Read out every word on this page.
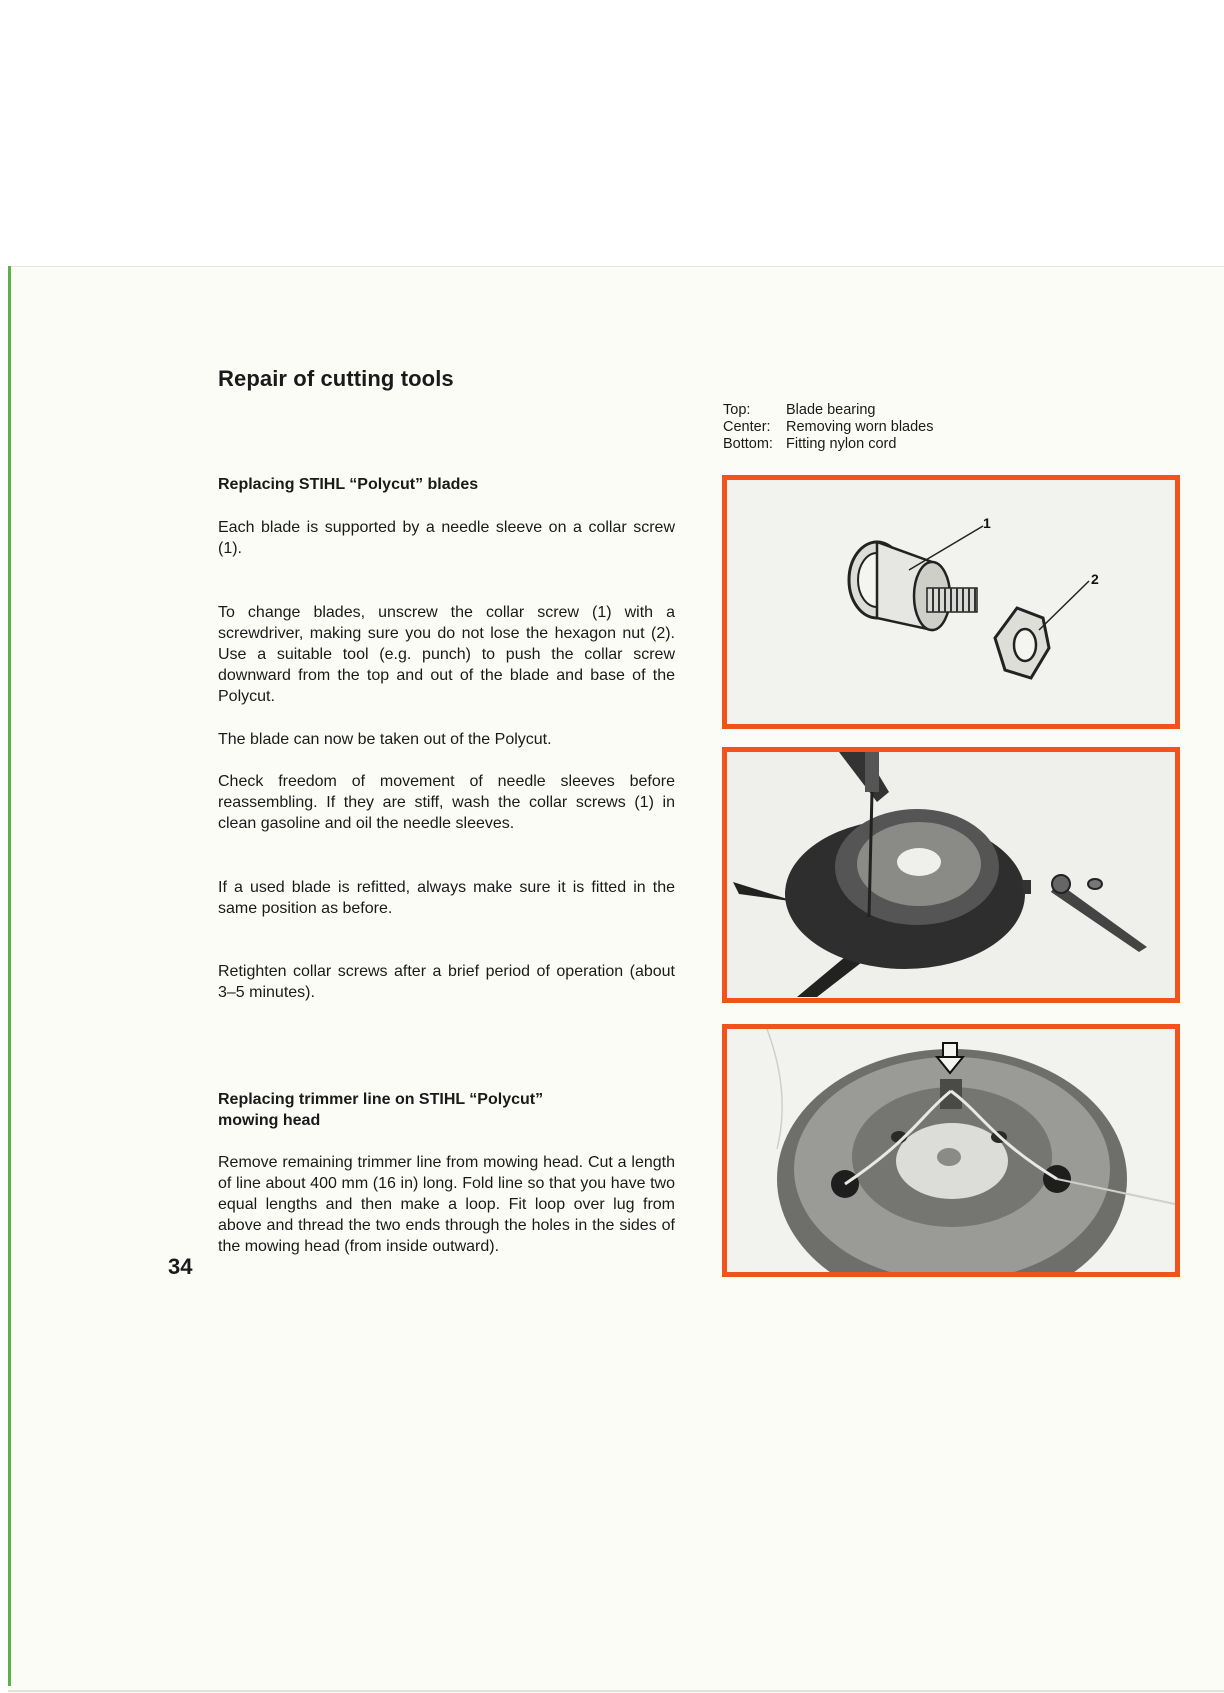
Repair of cutting tools
Top:	Blade bearing
Center:	Removing worn blades
Bottom: Fitting nylon cord
Replacing STIHL “Polycut” blades
Each blade is supported by a needle sleeve on a collar screw (1).
To change blades, unscrew the collar screw (1) with a screwdriver, making sure you do not lose the hexagon nut (2). Use a suitable tool (e.g. punch) to push the collar screw downward from the top and out of the blade and base of the Polycut.
The blade can now be taken out of the Polycut.
Check freedom of movement of needle sleeves before reassembling. If they are stiff, wash the collar screws (1) in clean gasoline and oil the needle sleeves.
If a used blade is refitted, always make sure it is fitted in the same position as before.
Retighten collar screws after a brief period of operation (about 3–5 minutes).
Replacing trimmer line on STIHL “Polycut”
mowing head
Remove remaining trimmer line from mowing head. Cut a length of line about 400 mm (16 in) long. Fold line so that you have two equal lengths and then make a loop. Fit loop over lug from above and thread the two ends through the holes in the sides of the mowing head (from inside outward).
34
1
2
